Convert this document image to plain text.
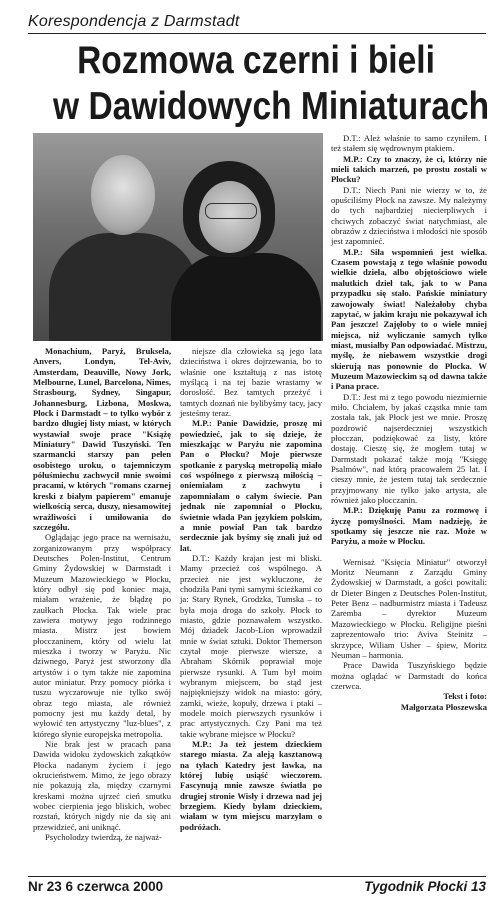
Korespondencja z Darmstadt
Rozmowa czerni i bieli
w Dawidowych Miniaturach

Monachium, Paryż, Bruksela, Anvers, Londyn, Tel-Aviv, Amsterdam, Deauville, Nowy Jork, Melbourne, Lunel, Barcelona, Nimes, Strasbourg, Sydney, Singapur, Johannesburg, Lizbona, Moskwa, Płock i Darmstadt – to tylko wybór z bardzo długiej listy miast, w których wystawiał swoje prace "Książę Miniatury" Dawid Tuszyński. Ten szarmancki starszy pan pełen osobistego uroku, o tajemniczym półuśmiechu zachwycił mnie swoimi pracami, w których "romans czarnej kreski z białym papierem" emanuje wielkością serca, duszy, niesamowitej wrażliwości i umiłowania do szczegółu.

Oglądając jego prace na wernisażu, zorganizowanym przy współpracy Deutsches Polen-Institut, Centrum Gminy Żydowskiej w Darmstadt i Muzeum Mazowieckiego w Płocku, który odbył się pod koniec maja, miałam wrażenie, że błądzę po zaułkach Płocka. Tak wiele prac zawiera motywy jego rodzinnego miasta. Mistrz jest bowiem płocczaninem, który od wielu lat mieszka i tworzy w Paryżu. Nic dziwnego, Paryż jest stworzony dla artystów i o tym także nie zapomina autor miniatur. Przy pomocy piórka i tuszu wyczarowuje nie tylko swój obraz tego miasta, ale również pomocny jest mu każdy detal, by wyłowić ten artystyczny "luz-blues", z którego słynie europejska metropolia.

Nie brak jest w pracach pana Dawida widoku żydowskich zakątków Płocka nadanym życiem i jego okrucieństwem. Mimo, że jego obrazy nie pokazują zła, między czarnymi kreskami można ujrzeć cień smutku wobec cierpienia jego bliskich, wobec rozstań, których nigdy nie da się ani przewidzieć, ani uniknąć.

Psycholodzy twierdzą, że najważ-

niejsze dla człowieka są jego lata dzieciństwa i okres dojrzewania, bo to właśnie one kształtują z nas istotę myślącą i na tej bazie wrastamy w dorosłość. Bez tamtych przeżyć i tamtych doznań nie bylibyśmy tacy, jacy jesteśmy teraz.

M.P.: Panie Dawidzie, proszę mi powiedzieć, jak to się dzieje, że mieszkając w Paryżu nie zapomina Pan o Płocku? Moje pierwsze spotkanie z paryską metropolią miało coś wspólnego z pierwszą miłością – oniemiałam z zachwytu i zapomniałam o całym świecie. Pan jednak nie zapomniał o Płocku, świetnie włada Pan językiem polskim, a mnie powiał Pan tak bardzo serdecznie jak byśmy się znali już od lat.

D.T.: Każdy krajan jest mi bliski. Mamy przecież coś wspólnego. A przecież nie jest wykluczone, że chodziła Pani tymi samymi ścieżkami co ja: Stary Rynek, Grodzka, Tumska – to była moja droga do szkoły. Płock to miasto, gdzie poznawałem wszystko. Mój dziadek Jacob-Lion wprowadził mnie w świat sztuki. Doktor Themerson czytał moje pierwsze wiersze, a Abraham Skórnik poprawiał moje pierwsze rysunki. A Tum był moim wybranym miejscem, bo stąd jest najpiękniejszy widok na miasto: góry, zamki, wieże, kopuły, drzewa i ptaki – modele moich pierwszych rysunków i prac artystycznych. Czy Pani ma też takie wybrane miejsce w Płocku?

M.P.: Ja też jestem dzieckiem starego miasta. Za aleją kasztanową na tyłach Katedry jest ławka, na której lubię usiąść wieczorem. Fascynują mnie zawsze światła po drugiej stronie Wisły i drzewa nad jej brzegiem. Kiedy byłam dzieckiem, wiałam w tym miejscu marzyłam o podróżach.

D.T.: Ależ właśnie to samo czyniłem. I też stałem się wędrownym ptakiem.

M.P.: Czy to znaczy, że ci, którzy nie mieli takich marzeń, po prostu zostali w Płocku?

D.T.: Niech Pani nie wierzy w to, że opuściliśmy Płock na zawsze. My należymy do tych najbardziej niecierpliwych i chciwych zobaczyć świat natychmiast, ale obrazów z dzieciństwa i młodości nie sposób jest zapomnieć.

M.P.: Siła wspomnień jest wielka. Czasem powstają z tego właśnie powodu wielkie dzieła, albo objętościowo wiele malutkich dzieł tak, jak to w Pana przypadku się stało. Pańskie miniatury zawojowały świat! Należałoby chyba zapytać, w jakim kraju nie pokazywał ich Pan jeszcze! Zajęłoby to o wiele mniej miejsca, niż wyliczanie samych tylko miast, musiałby Pan odpowiadać. Mistrzu, myślę, że niebawem wszystkie drogi skierują nas ponownie do Płocka. W Muzeum Mazowieckim są od dawna także i Pana prace.

D.T.: Jest mi z tego powodu niezmiernie miło. Chciałem, by jakaś cząstka mnie tam została tak, jak Płock jest we mnie. Proszę pozdrowić najserdeczniej wszystkich płocczan, podziękować za listy, które dostaję. Cieszę się, że mogłem tutaj w Darmstadt pokazać także moją "Księgę Psalmów", nad którą pracowałem 25 lat. I cieszy mnie, że jestem tutaj tak serdecznie przyjmowany nie tylko jako artysta, ale również jako płocczanin.

M.P.: Dziękuję Panu za rozmowę i życzę pomyślności. Mam nadzieję, że spotkamy się jeszcze nie raz. Może w Paryżu, a może w Płocku.

Wernisaż "Księcia Miniatur" otworzył Moritz Neumann z Zarządu Gminy Żydowskiej w Darmstadt, a gości powitali: dr Dieter Bingen z Deutsches Polen-Institut, Peter Benz – nadburmistrz miasta i Tadeusz Zaremba – dyrektor Muzeum Mazowieckiego w Płocku. Religijne pieśni zaprezentowało trio: Aviva Steinitz – skrzypce, Wiliam Usher – śpiew, Moritz Neuman – harmonia.

Prace Dawida Tuszyńskiego będzie można oglądać w Darmstadt do końca czerwca.

Tekst i foto:

Małgorzata Płoszewska

Nr 23 6 czerwca 2000	Tygodnik Płocki 13
